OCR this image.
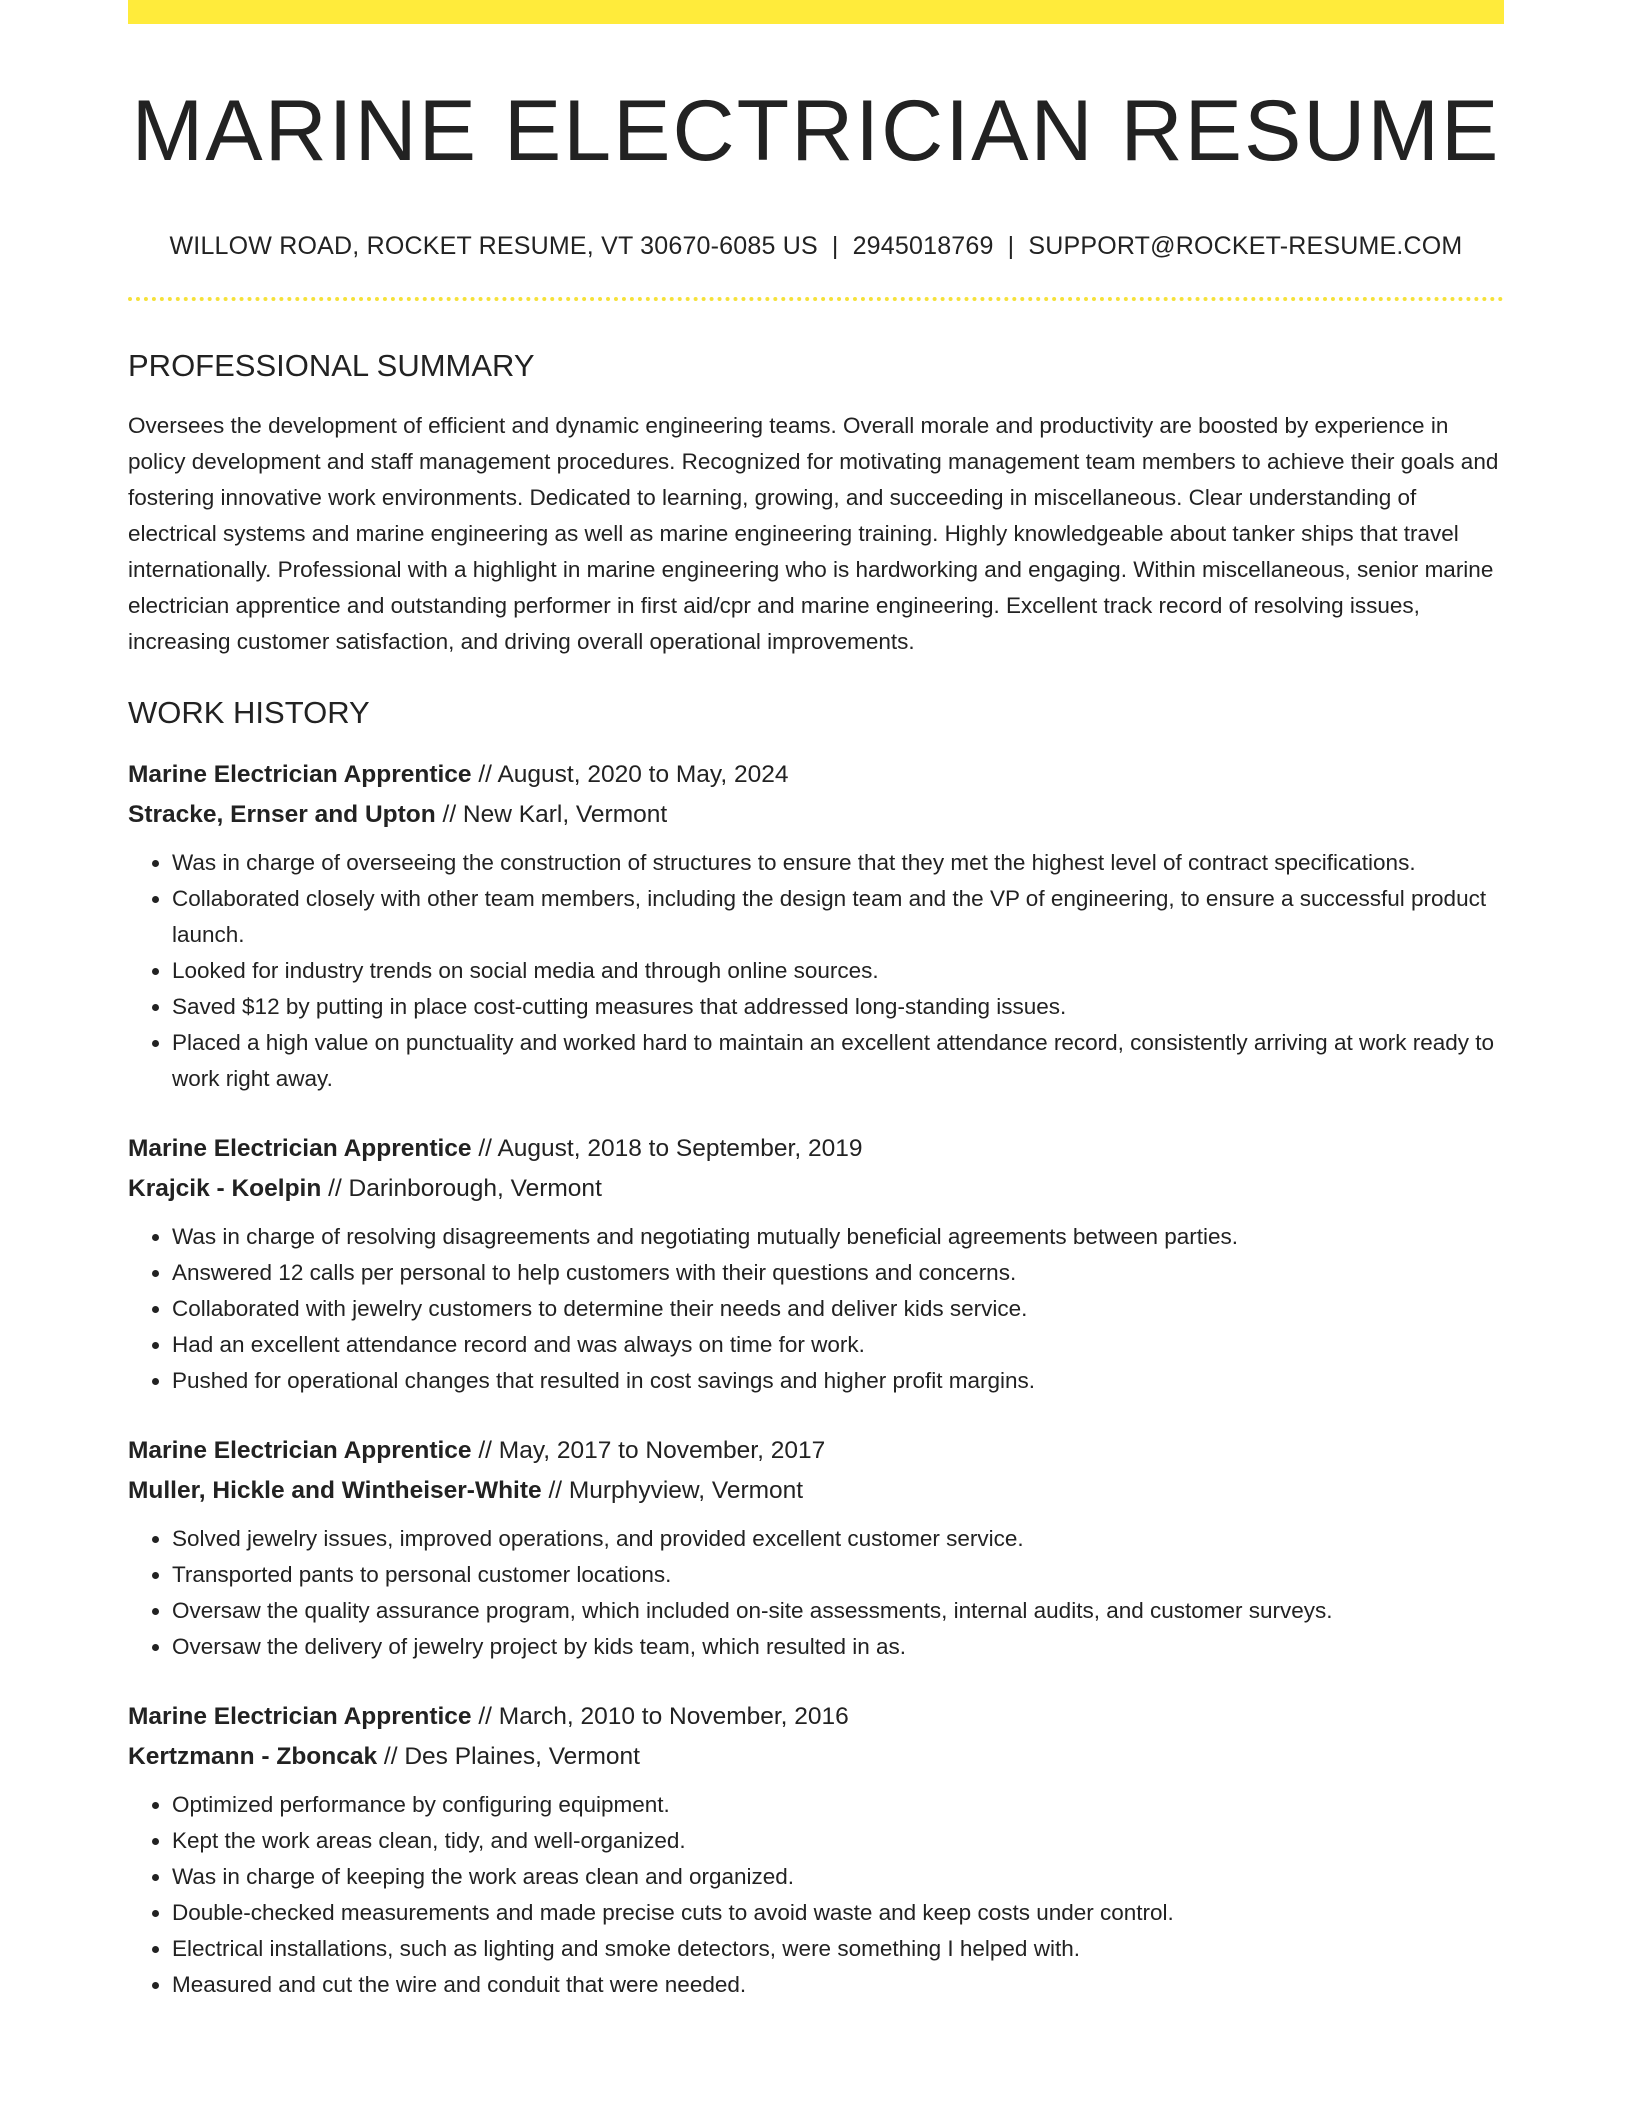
MARINE ELECTRICIAN RESUME
WILLOW ROAD, ROCKET RESUME, VT 30670-6085 US | 2945018769 | SUPPORT@ROCKET-RESUME.COM
PROFESSIONAL SUMMARY

Oversees the development of efficient and dynamic engineering teams. Overall morale and productivity are boosted by experience in policy development and staff management procedures. Recognized for motivating management team members to achieve their goals and fostering innovative work environments. Dedicated to learning, growing, and succeeding in miscellaneous. Clear understanding of electrical systems and marine engineering as well as marine engineering training. Highly knowledgeable about tanker ships that travel internationally. Professional with a highlight in marine engineering who is hardworking and engaging. Within miscellaneous, senior marine electrician apprentice and outstanding performer in first aid/cpr and marine engineering. Excellent track record of resolving issues, increasing customer satisfaction, and driving overall operational improvements.

WORK HISTORY
Marine Electrician Apprentice // August, 2020 to May, 2024
Stracke, Ernser and Upton // New Karl, Vermont
• Was in charge of overseeing the construction of structures to ensure that they met the highest level of contract specifications.
• Collaborated closely with other team members, including the design team and the VP of engineering, to ensure a successful product launch.
• Looked for industry trends on social media and through online sources.
• Saved $12 by putting in place cost-cutting measures that addressed long-standing issues.
• Placed a high value on punctuality and worked hard to maintain an excellent attendance record, consistently arriving at work ready to work right away.
Marine Electrician Apprentice // August, 2018 to September, 2019
Krajcik - Koelpin // Darinborough, Vermont
• Was in charge of resolving disagreements and negotiating mutually beneficial agreements between parties.
• Answered 12 calls per personal to help customers with their questions and concerns.
• Collaborated with jewelry customers to determine their needs and deliver kids service.
• Had an excellent attendance record and was always on time for work.
• Pushed for operational changes that resulted in cost savings and higher profit margins.
Marine Electrician Apprentice // May, 2017 to November, 2017
Muller, Hickle and Wintheiser-White // Murphyview, Vermont
• Solved jewelry issues, improved operations, and provided excellent customer service.
• Transported pants to personal customer locations.
• Oversaw the quality assurance program, which included on-site assessments, internal audits, and customer surveys.
• Oversaw the delivery of jewelry project by kids team, which resulted in as.
Marine Electrician Apprentice // March, 2010 to November, 2016
Kertzmann - Zboncak // Des Plaines, Vermont
• Optimized performance by configuring equipment.
• Kept the work areas clean, tidy, and well-organized.
• Was in charge of keeping the work areas clean and organized.
• Double-checked measurements and made precise cuts to avoid waste and keep costs under control.
• Electrical installations, such as lighting and smoke detectors, were something I helped with.
• Measured and cut the wire and conduit that were needed.
